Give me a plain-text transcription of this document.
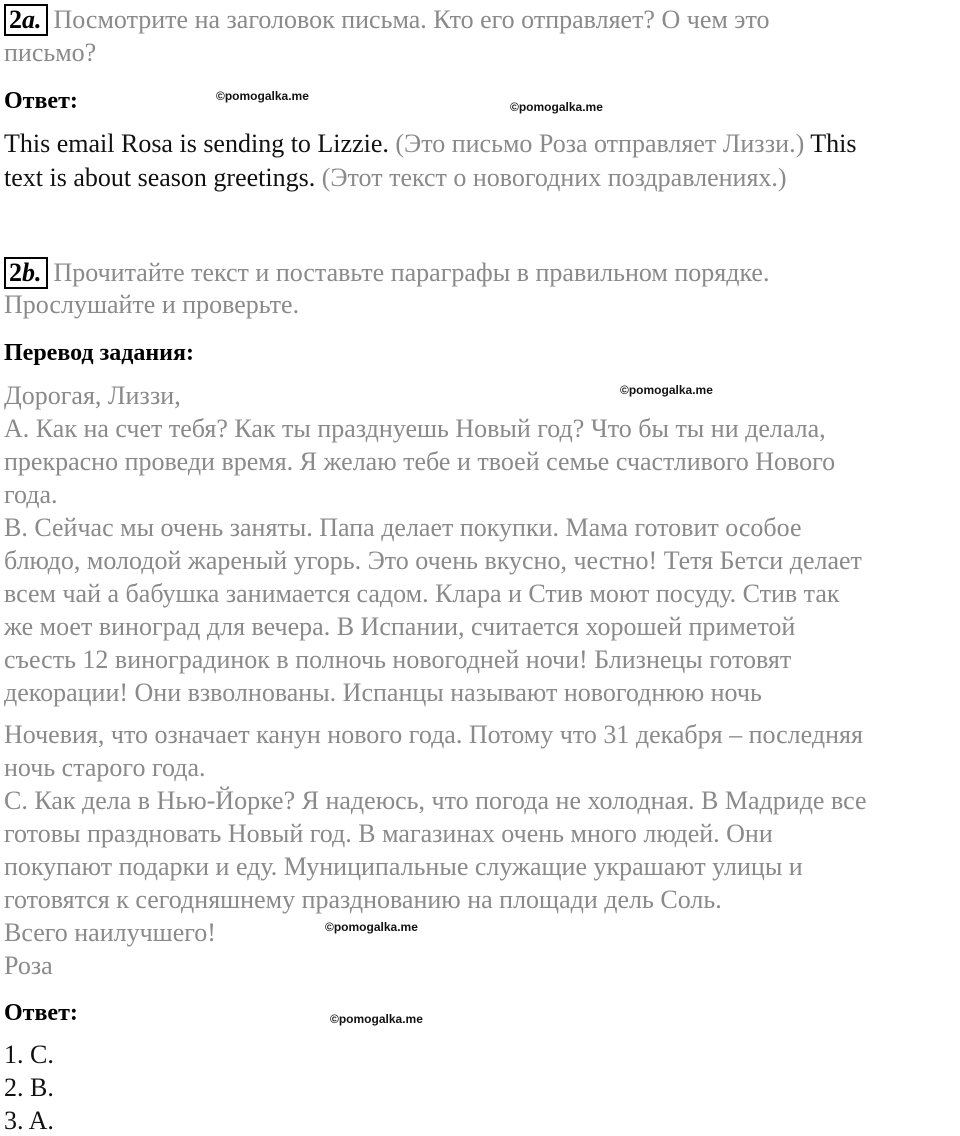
2a. Посмотрите на заголовок письма. Кто его отправляет? О чем это
письмо?
Ответ:	©pomogalka.me
©pomogalka.me
This email Rosa is sending to Lizzie. (Это письмо Роза отправляет Лиззи.) This
text is about season greetings. (Этот текст о новогодних поздравлениях.)
2b. Прочитайте текст и поставьте параграфы в правильном порядке.
Прослушайте и проверьте.
Перевод задания:
©pomogalka.me
Дорогая, Лиззи,
A. Как на счет тебя? Как ты празднуешь Новый год? Что бы ты ни делала,
прекрасно проведи время. Я желаю тебе и твоей семье счастливого Нового
года.
B. Сейчас мы очень заняты. Папа делает покупки. Мама готовит особое
блюдо, молодой жареный угорь. Это очень вкусно, честно! Тетя Бетси делает
всем чай а бабушка занимается садом. Клара и Стив моют посуду. Стив так
же моет виноград для вечера. В Испании, считается хорошей приметой
съесть 12 виноградинок в полночь новогодней ночи! Близнецы готовят
декорации! Они взволнованы. Испанцы называют новогоднюю ночь
Ночевия, что означает канун нового года. Потому что 31 декабря – последняя
ночь старого года.
C. Как дела в Нью-Йорке? Я надеюсь, что погода не холодная. В Мадриде все
готовы праздновать Новый год. В магазинах очень много людей. Они
покупают подарки и еду. Муниципальные служащие украшают улицы и
готовятся к сегодняшнему празднованию на площади дель Соль.
Всего наилучшего!	©pomogalka.me
Роза
Ответ:	©pomogalka.me
1. C.
2. B.
3. A.
